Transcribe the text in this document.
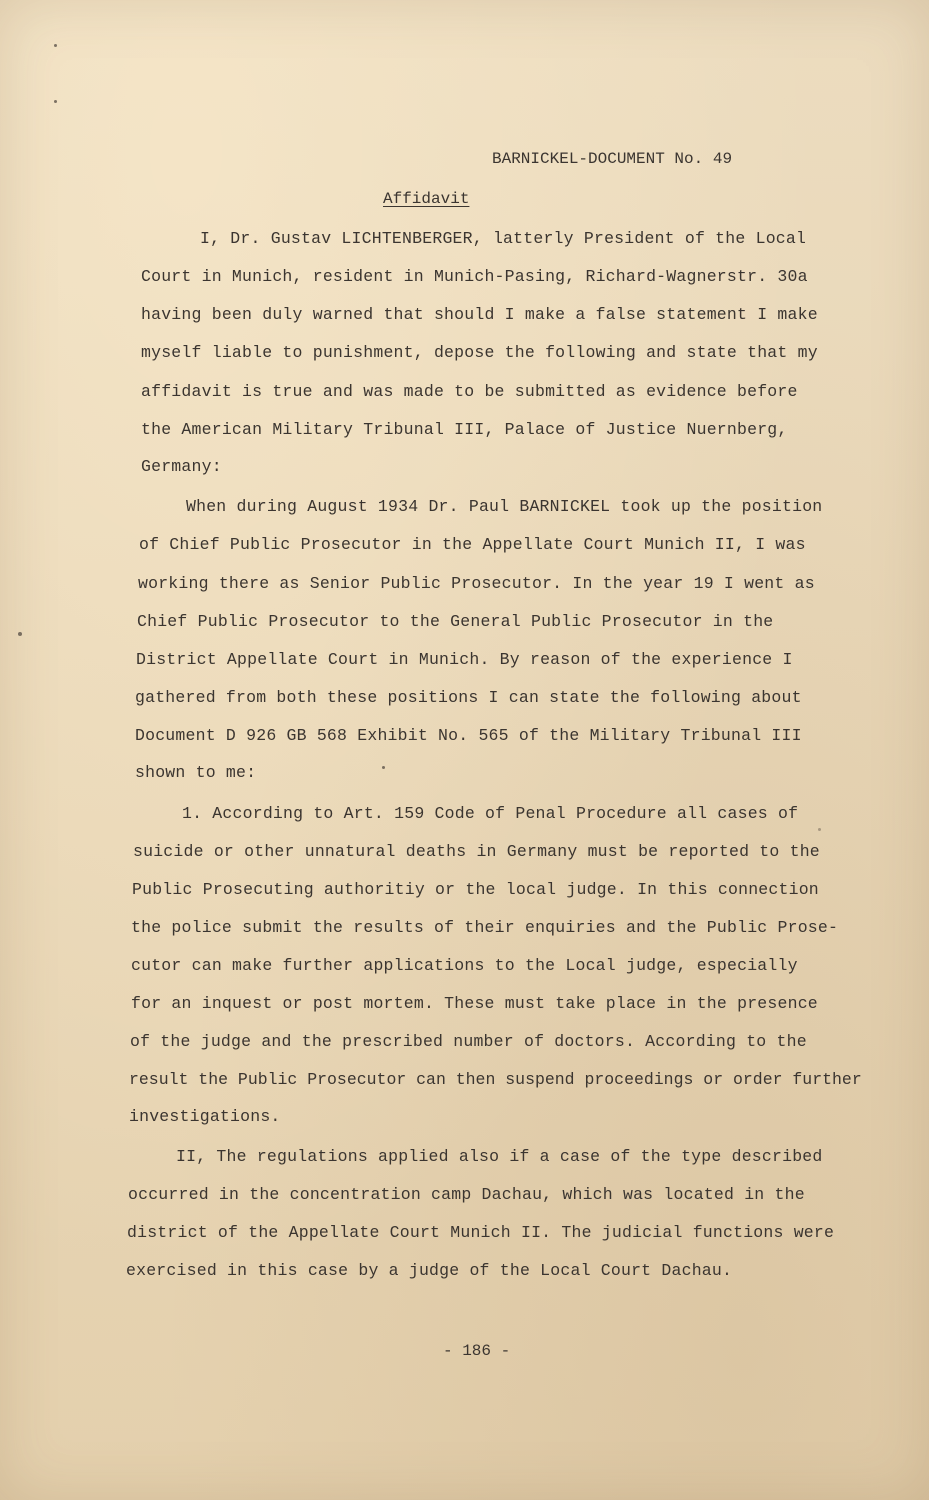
BARNICKEL-DOCUMENT No. 49
Affidavit
I, Dr. Gustav LICHTENBERGER, latterly President of the Local
Court in Munich, resident in Munich-Pasing, Richard-Wagnerstr. 30a
having been duly warned that should I make a false statement I make
myself liable to punishment, depose the following and state that my
affidavit is true and was made to be submitted as evidence before
the American Military Tribunal III, Palace of Justice Nuernberg,
Germany:
When during August 1934 Dr. Paul BARNICKEL took up the position
of Chief Public Prosecutor in the Appellate Court Munich II, I was
working there as Senior Public Prosecutor. In the year 19 I went as
Chief Public Prosecutor to the General Public Prosecutor in the
District Appellate Court in Munich. By reason of the experience I
gathered from both these positions I can state the following about
Document D 926 GB 568 Exhibit No. 565 of the Military Tribunal III
shown to me:
1. According to Art. 159 Code of Penal Procedure all cases of
suicide or other unnatural deaths in Germany must be reported to the
Public Prosecuting authoritiy or the local judge. In this connection
the police submit the results of their enquiries and the Public Prose-
cutor can make further applications to the Local judge, especially
for an inquest or post mortem. These must take place in the presence
of the judge and the prescribed number of doctors. According to the
result the Public Prosecutor can then suspend proceedings or order further
investigations.
II, The regulations applied also if a case of the type described
occurred in the concentration camp Dachau, which was located in the
district of the Appellate Court Munich II. The judicial functions were
exercised in this case by a judge of the Local Court Dachau.
- 186 -
